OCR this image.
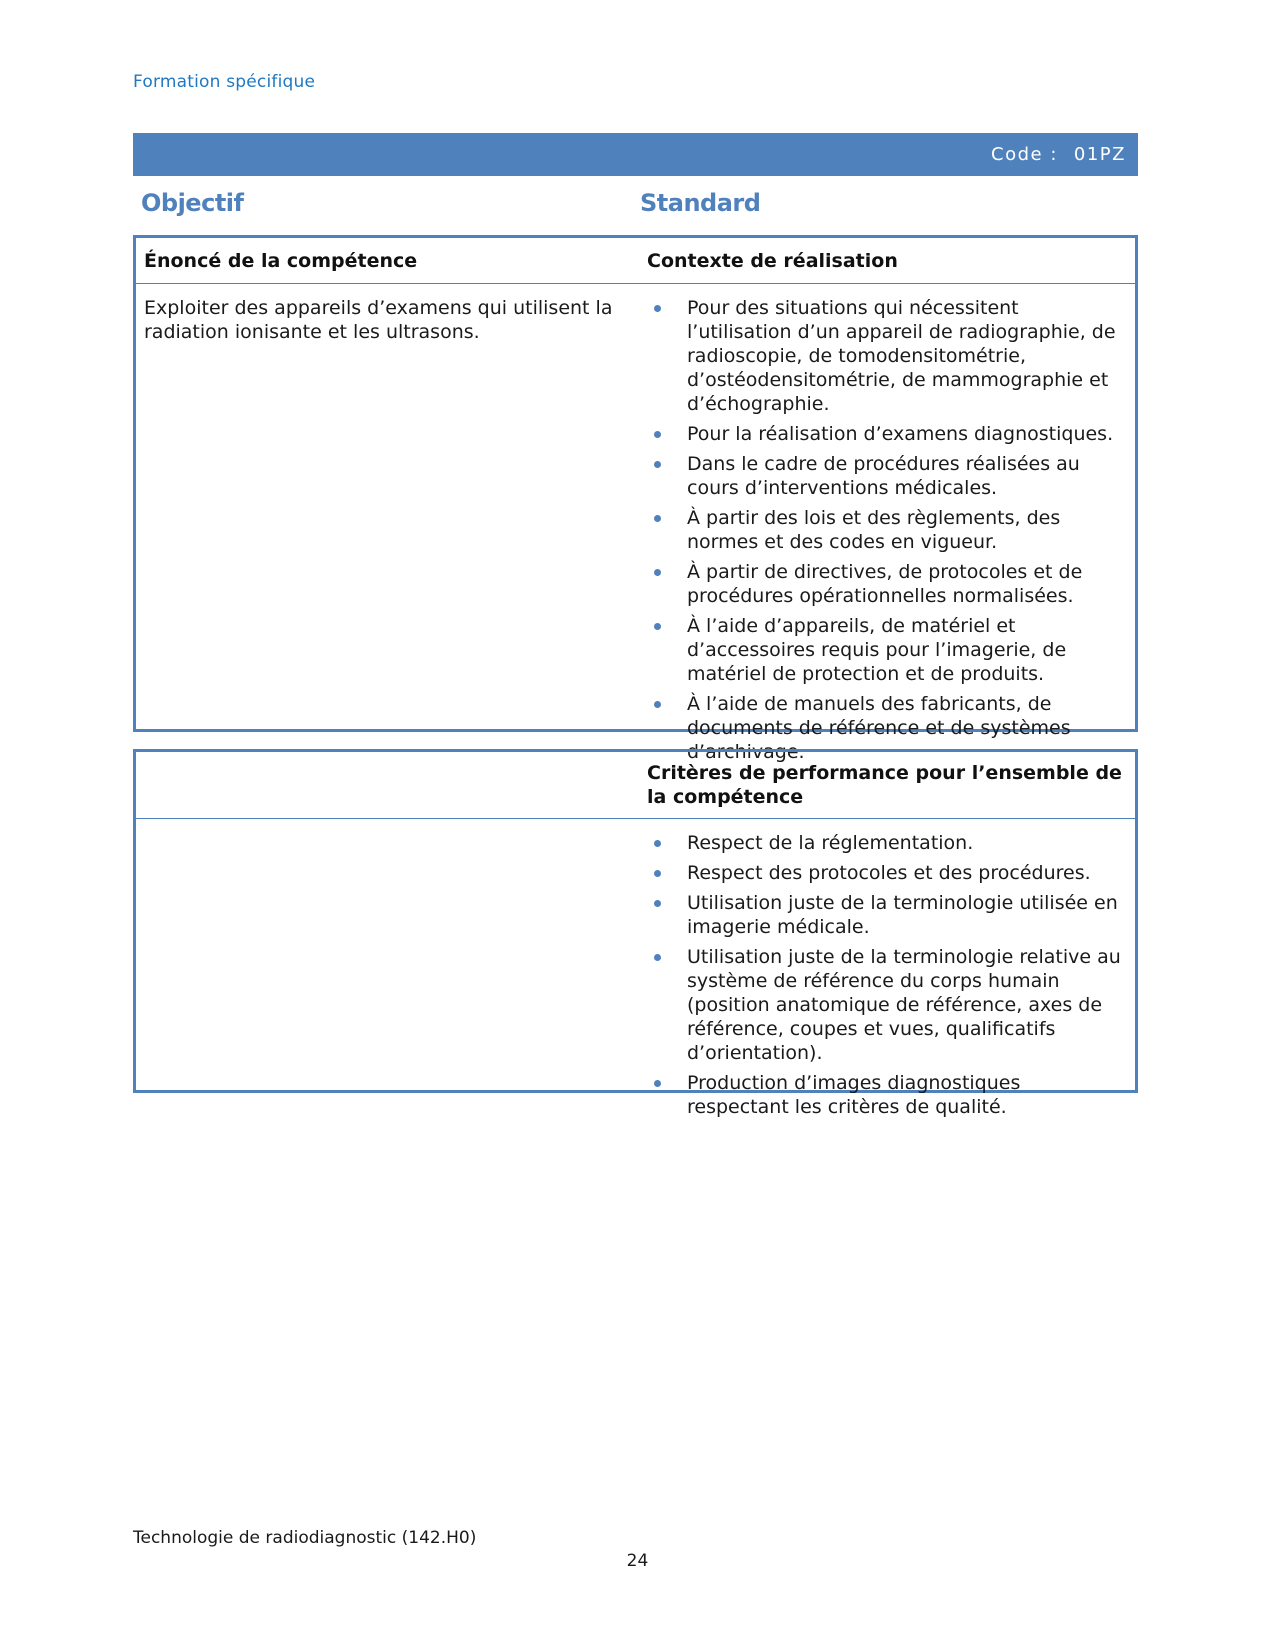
Formation spécifique
Code : 01PZ
Objectif	Standard
Énoncé de la compétence	Contexte de réalisation
Exploiter des appareils d’examens qui utilisent la radiation ionisante et les ultrasons.
Pour des situations qui nécessitent l’utilisation d’un appareil de radiographie, de radioscopie, de tomodensitométrie, d’ostéodensitométrie, de mammographie et d’échographie.
Pour la réalisation d’examens diagnostiques.
Dans le cadre de procédures réalisées au cours d’interventions médicales.
À partir des lois et des règlements, des normes et des codes en vigueur.
À partir de directives, de protocoles et de procédures opérationnelles normalisées.
À l’aide d’appareils, de matériel et d’accessoires requis pour l’imagerie, de matériel de protection et de produits.
À l’aide de manuels des fabricants, de documents de référence et de systèmes d’archivage.
Critères de performance pour l’ensemble de la compétence
Respect de la réglementation.
Respect des protocoles et des procédures.
Utilisation juste de la terminologie utilisée en imagerie médicale.
Utilisation juste de la terminologie relative au système de référence du corps humain (position anatomique de référence, axes de référence, coupes et vues, qualificatifs d’orientation).
Production d’images diagnostiques respectant les critères de qualité.
Technologie de radiodiagnostic (142.H0)
24
